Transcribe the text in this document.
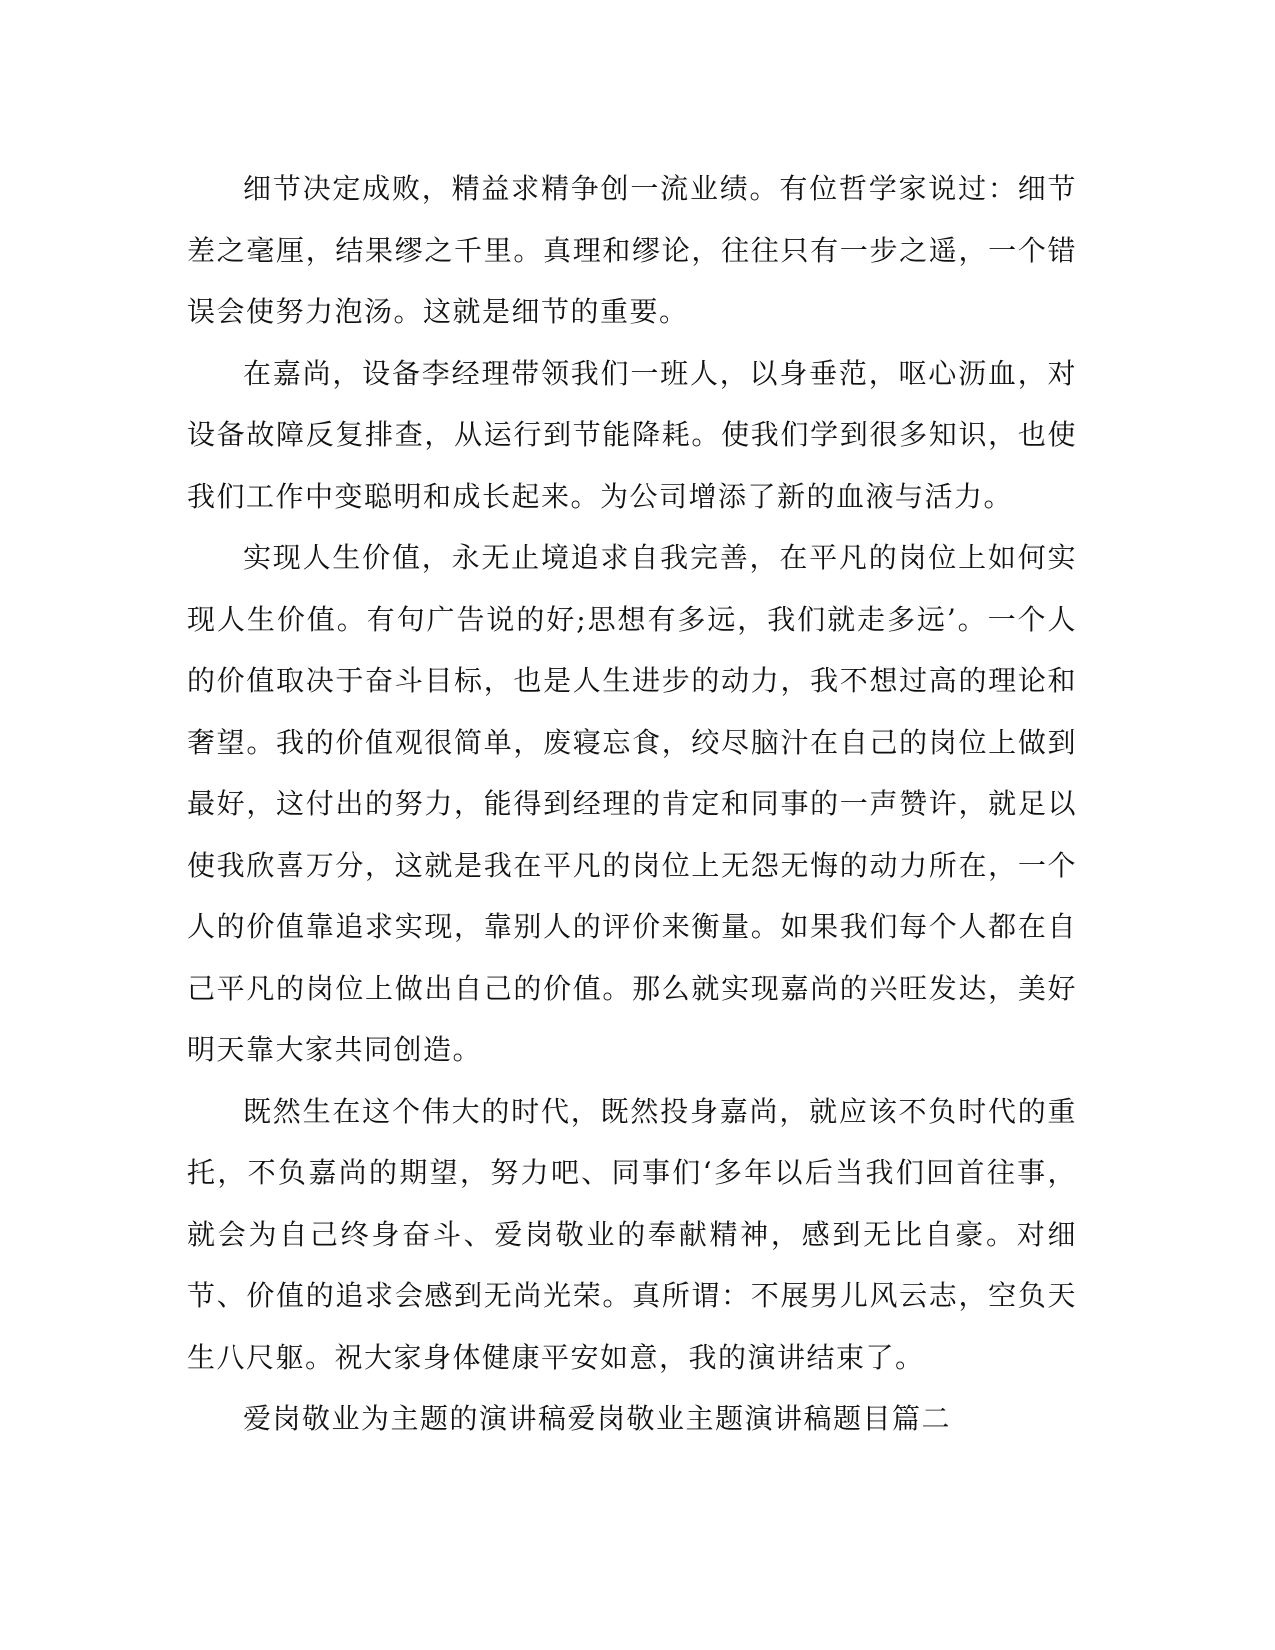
细节决定成败，精益求精争创一流业绩。有位哲学家说过：细节差之毫厘，结果缪之千里。真理和缪论，往往只有一步之遥，一个错误会使努力泡汤。这就是细节的重要。

在嘉尚，设备李经理带领我们一班人，以身垂范，呕心沥血，对设备故障反复排查，从运行到节能降耗。使我们学到很多知识，也使我们工作中变聪明和成长起来。为公司增添了新的血液与活力。

实现人生价值，永无止境追求自我完善，在平凡的岗位上如何实现人生价值。有句广告说的好;思想有多远，我们就走多远’。一个人的价值取决于奋斗目标，也是人生进步的动力，我不想过高的理论和奢望。我的价值观很简单，废寝忘食，绞尽脑汁在自己的岗位上做到最好，这付出的努力，能得到经理的肯定和同事的一声赞许，就足以使我欣喜万分，这就是我在平凡的岗位上无怨无悔的动力所在，一个人的价值靠追求实现，靠别人的评价来衡量。如果我们每个人都在自己平凡的岗位上做出自己的价值。那么就实现嘉尚的兴旺发达，美好明天靠大家共同创造。

既然生在这个伟大的时代，既然投身嘉尚，就应该不负时代的重托，不负嘉尚的期望，努力吧、同事们‘多年以后当我们回首往事，就会为自己终身奋斗、爱岗敬业的奉献精神，感到无比自豪。对细节、价值的追求会感到无尚光荣。真所谓：不展男儿风云志，空负天生八尺躯。祝大家身体健康平安如意，我的演讲结束了。

爱岗敬业为主题的演讲稿爱岗敬业主题演讲稿题目篇二
